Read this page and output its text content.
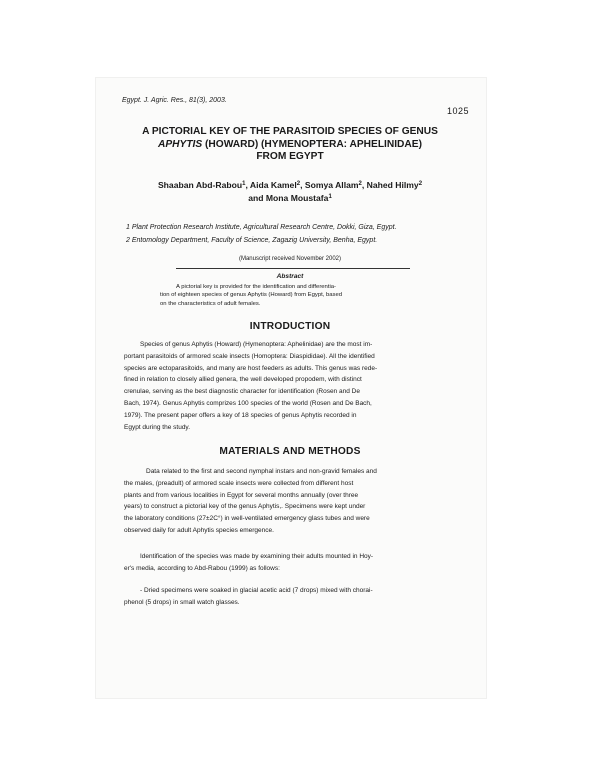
Egypt. J. Agric. Res., 81(3), 2003.
1025
A PICTORIAL KEY OF THE PARASITOID SPECIES OF GENUS
APHYTIS (HOWARD) (HYMENOPTERA: APHELINIDAE)
FROM EGYPT
Shaaban Abd-Rabou$^1$, Aida Kamel$^2$, Somya Allam$^2$, Nahed Hilmy$^2$
and Mona Moustafa$^1$
1 Plant Protection Research Institute, Agricultural Research Centre, Dokki, Giza, Egypt.
2 Entomology Department, Faculty of Science, Zagazig University, Benha, Egypt.
(Manuscript received November 2002)
Abstract
A pictorial key is provided for the identification and differentia-
tion of eighteen species of genus Aphytis (Howard) from Egypt, based
on the characteristics of adult females.
INTRODUCTION
Species of genus Aphytis (Howard) (Hymenoptera: Aphelinidae) are the most im-
portant parasitoids of armored scale insects (Homoptera: Diaspididae). All the identified
species are ectoparasitoids, and many are host feeders as adults. This genus was rede-
fined in relation to closely allied genera, the well developed propodem, with distinct
crenulae, serving as the best diagnostic character for identification (Rosen and De
Bach, 1974). Genus Aphytis comprizes 100 species of the world (Rosen and De Bach,
1979). The present paper offers a key of 18 species of genus Aphytis recorded in
Egypt during the study.
MATERIALS AND METHODS
Data related to the first and second nymphal instars and non-gravid females and
the males, (preadult) of armored scale insects were collected from different host
plants and from various localities in Egypt for several months annually (over three
years) to construct a pictorial key of the genus Aphytis,. Specimens were kept under
the laboratory conditions (27±2C°) in well-ventilated emergency glass tubes and were
observed daily for adult Aphytis species emergence.
Identification of the species was made by examining their adults mounted in Hoy-
er's media, according to Abd-Rabou (1999) as follows:
- Dried specimens were soaked in glacial acetic acid (7 drops) mixed with chorai-
phenol (5 drops) in small watch glasses.
